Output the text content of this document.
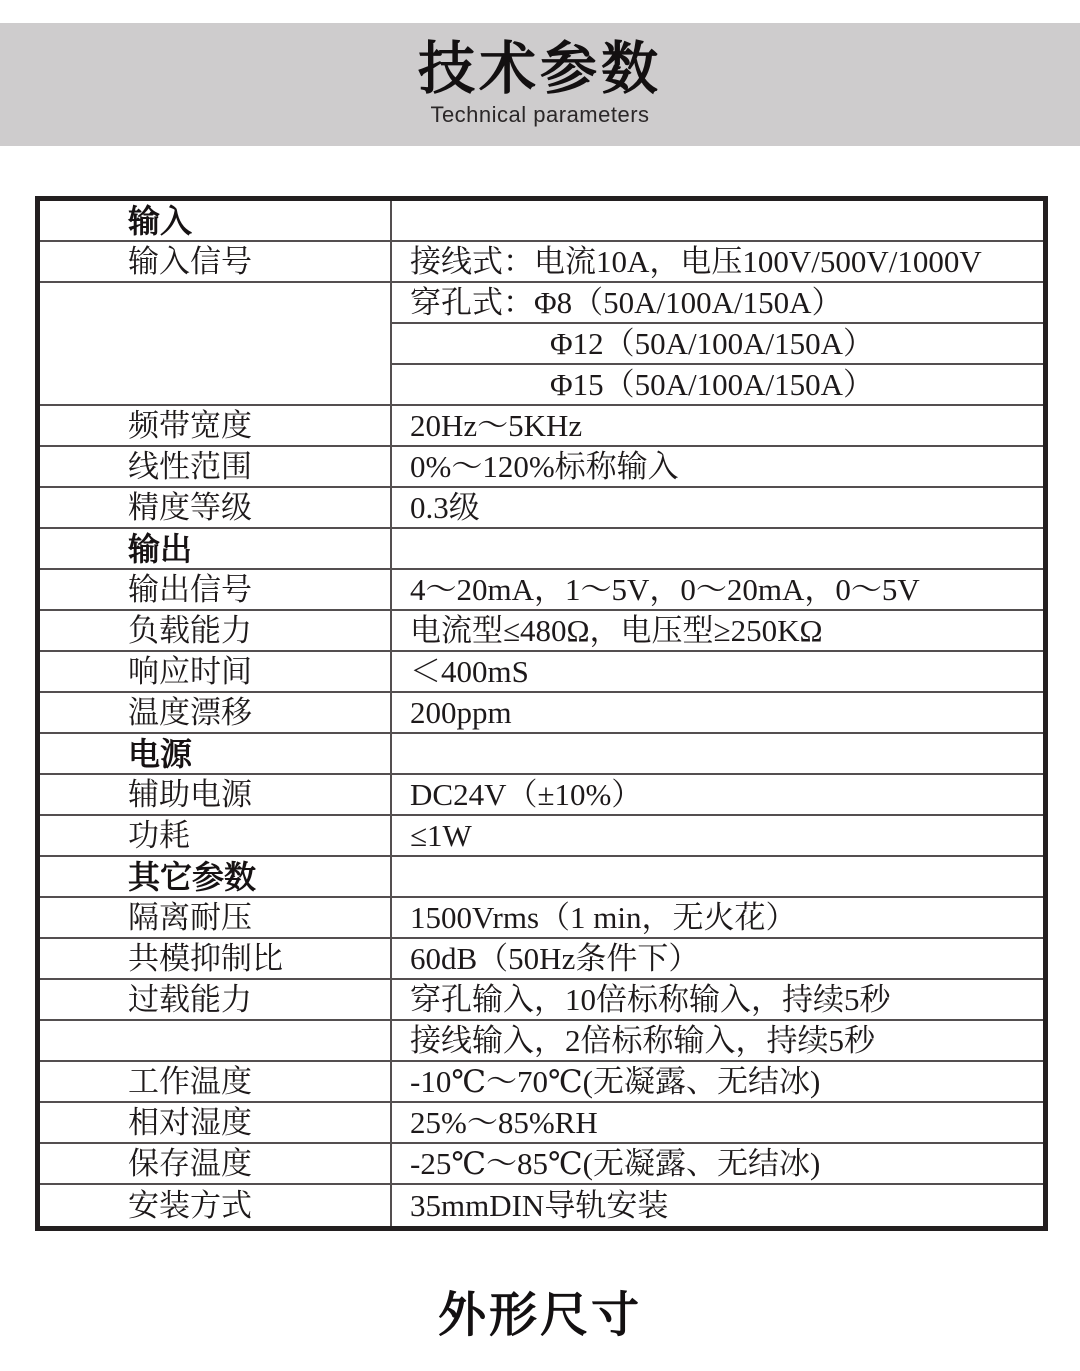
技术参数
Technical parameters
输入
输入信号	接线式：电流10A，电压100V/500V/1000V
穿孔式：Φ8（50A/100A/150A）
Φ12（50A/100A/150A）
Φ15（50A/100A/150A）
频带宽度	20Hz～5KHz
线性范围	0%～120%标称输入
精度等级	0.3级
输出
输出信号	4～20mA，1～5V，0～20mA，0～5V
负载能力	电流型≤480Ω，电压型≥250KΩ
响应时间	＜400mS
温度漂移	200ppm
电源
辅助电源	DC24V（±10%）
功耗	≤1W
其它参数
隔离耐压	1500Vrms（1 min，无火花）
共模抑制比	60dB（50Hz条件下）
过载能力	穿孔输入，10倍标称输入，持续5秒
接线输入，2倍标称输入，持续5秒
工作温度	-10℃～70℃(无凝露、无结冰)
相对湿度	25%～85%RH
保存温度	-25℃～85℃(无凝露、无结冰)
安装方式	35mmDIN导轨安装
外形尺寸
